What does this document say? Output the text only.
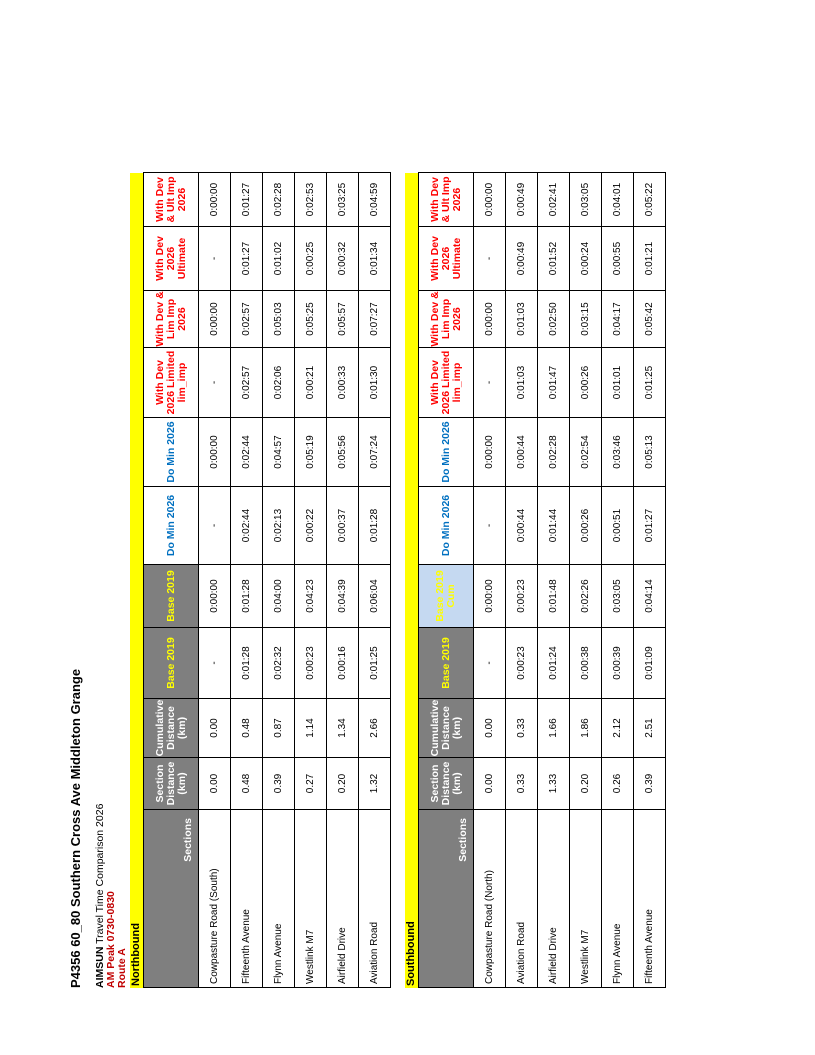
P4356 60_80 Southern Cross Ave Middleton Grange AIMSUN Travel Time Comparison 2026 AM Peak 0730-0830 Route A Northbound
Sections	Section Distance (km)	Cumulative Distance (km)	Base 2019	Base 2019	Do Min 2026	Do Min 2026	With Dev 2026 Limited lim_imp	With Dev & Lim Imp 2026	With Dev 2026 Ultimate	With Dev & Ult Imp 2026
Cowpasture Road (South)	0.00	0.00	-	0:00:00	-	0:00:00	-	0:00:00	-	0:00:00
Fifteenth Avenue	0.48	0.48	0:01:28	0:01:28	0:02:44	0:02:44	0:02:57	0:02:57	0:01:27	0:01:27
Flynn Avenue	0.39	0.87	0:02:32	0:04:00	0:02:13	0:04:57	0:02:06	0:05:03	0:01:02	0:02:28
Westlink M7	0.27	1.14	0:00:23	0:04:23	0:00:22	0:05:19	0:00:21	0:05:25	0:00:25	0:02:53
Airfield Drive	0.20	1.34	0:00:16	0:04:39	0:00:37	0:05:56	0:00:33	0:05:57	0:00:32	0:03:25
Aviation Road	1.32	2.66	0:01:25	0:06:04	0:01:28	0:07:24	0:01:30	0:07:27	0:01:34	0:04:59
Southbound
Sections	Section Distance (km)	Cumulative Distance (km)	Base 2019	Base 2019 Cum	Do Min 2026	Do Min 2026	With Dev 2026 Limited lim_imp	With Dev & Lim Imp 2026	With Dev 2026 Ultimate	With Dev & Ult Imp 2026
Cowpasture Road (North)	0.00	0.00	-	0:00:00	-	0:00:00	-	0:00:00	-	0:00:00
Aviation Road	0.33	0.33	0:00:23	0:00:23	0:00:44	0:00:44	0:01:03	0:01:03	0:00:49	0:00:49
Airfield Drive	1.33	1.66	0:01:24	0:01:48	0:01:44	0:02:28	0:01:47	0:02:50	0:01:52	0:02:41
Westlink M7	0.20	1.86	0:00:38	0:02:26	0:00:26	0:02:54	0:00:26	0:03:15	0:00:24	0:03:05
Flynn Avenue	0.26	2.12	0:00:39	0:03:05	0:00:51	0:03:46	0:01:01	0:04:17	0:00:55	0:04:01
Fifteenth Avenue	0.39	2.51	0:01:09	0:04:14	0:01:27	0:05:13	0:01:25	0:05:42	0:01:21	0:05:22
